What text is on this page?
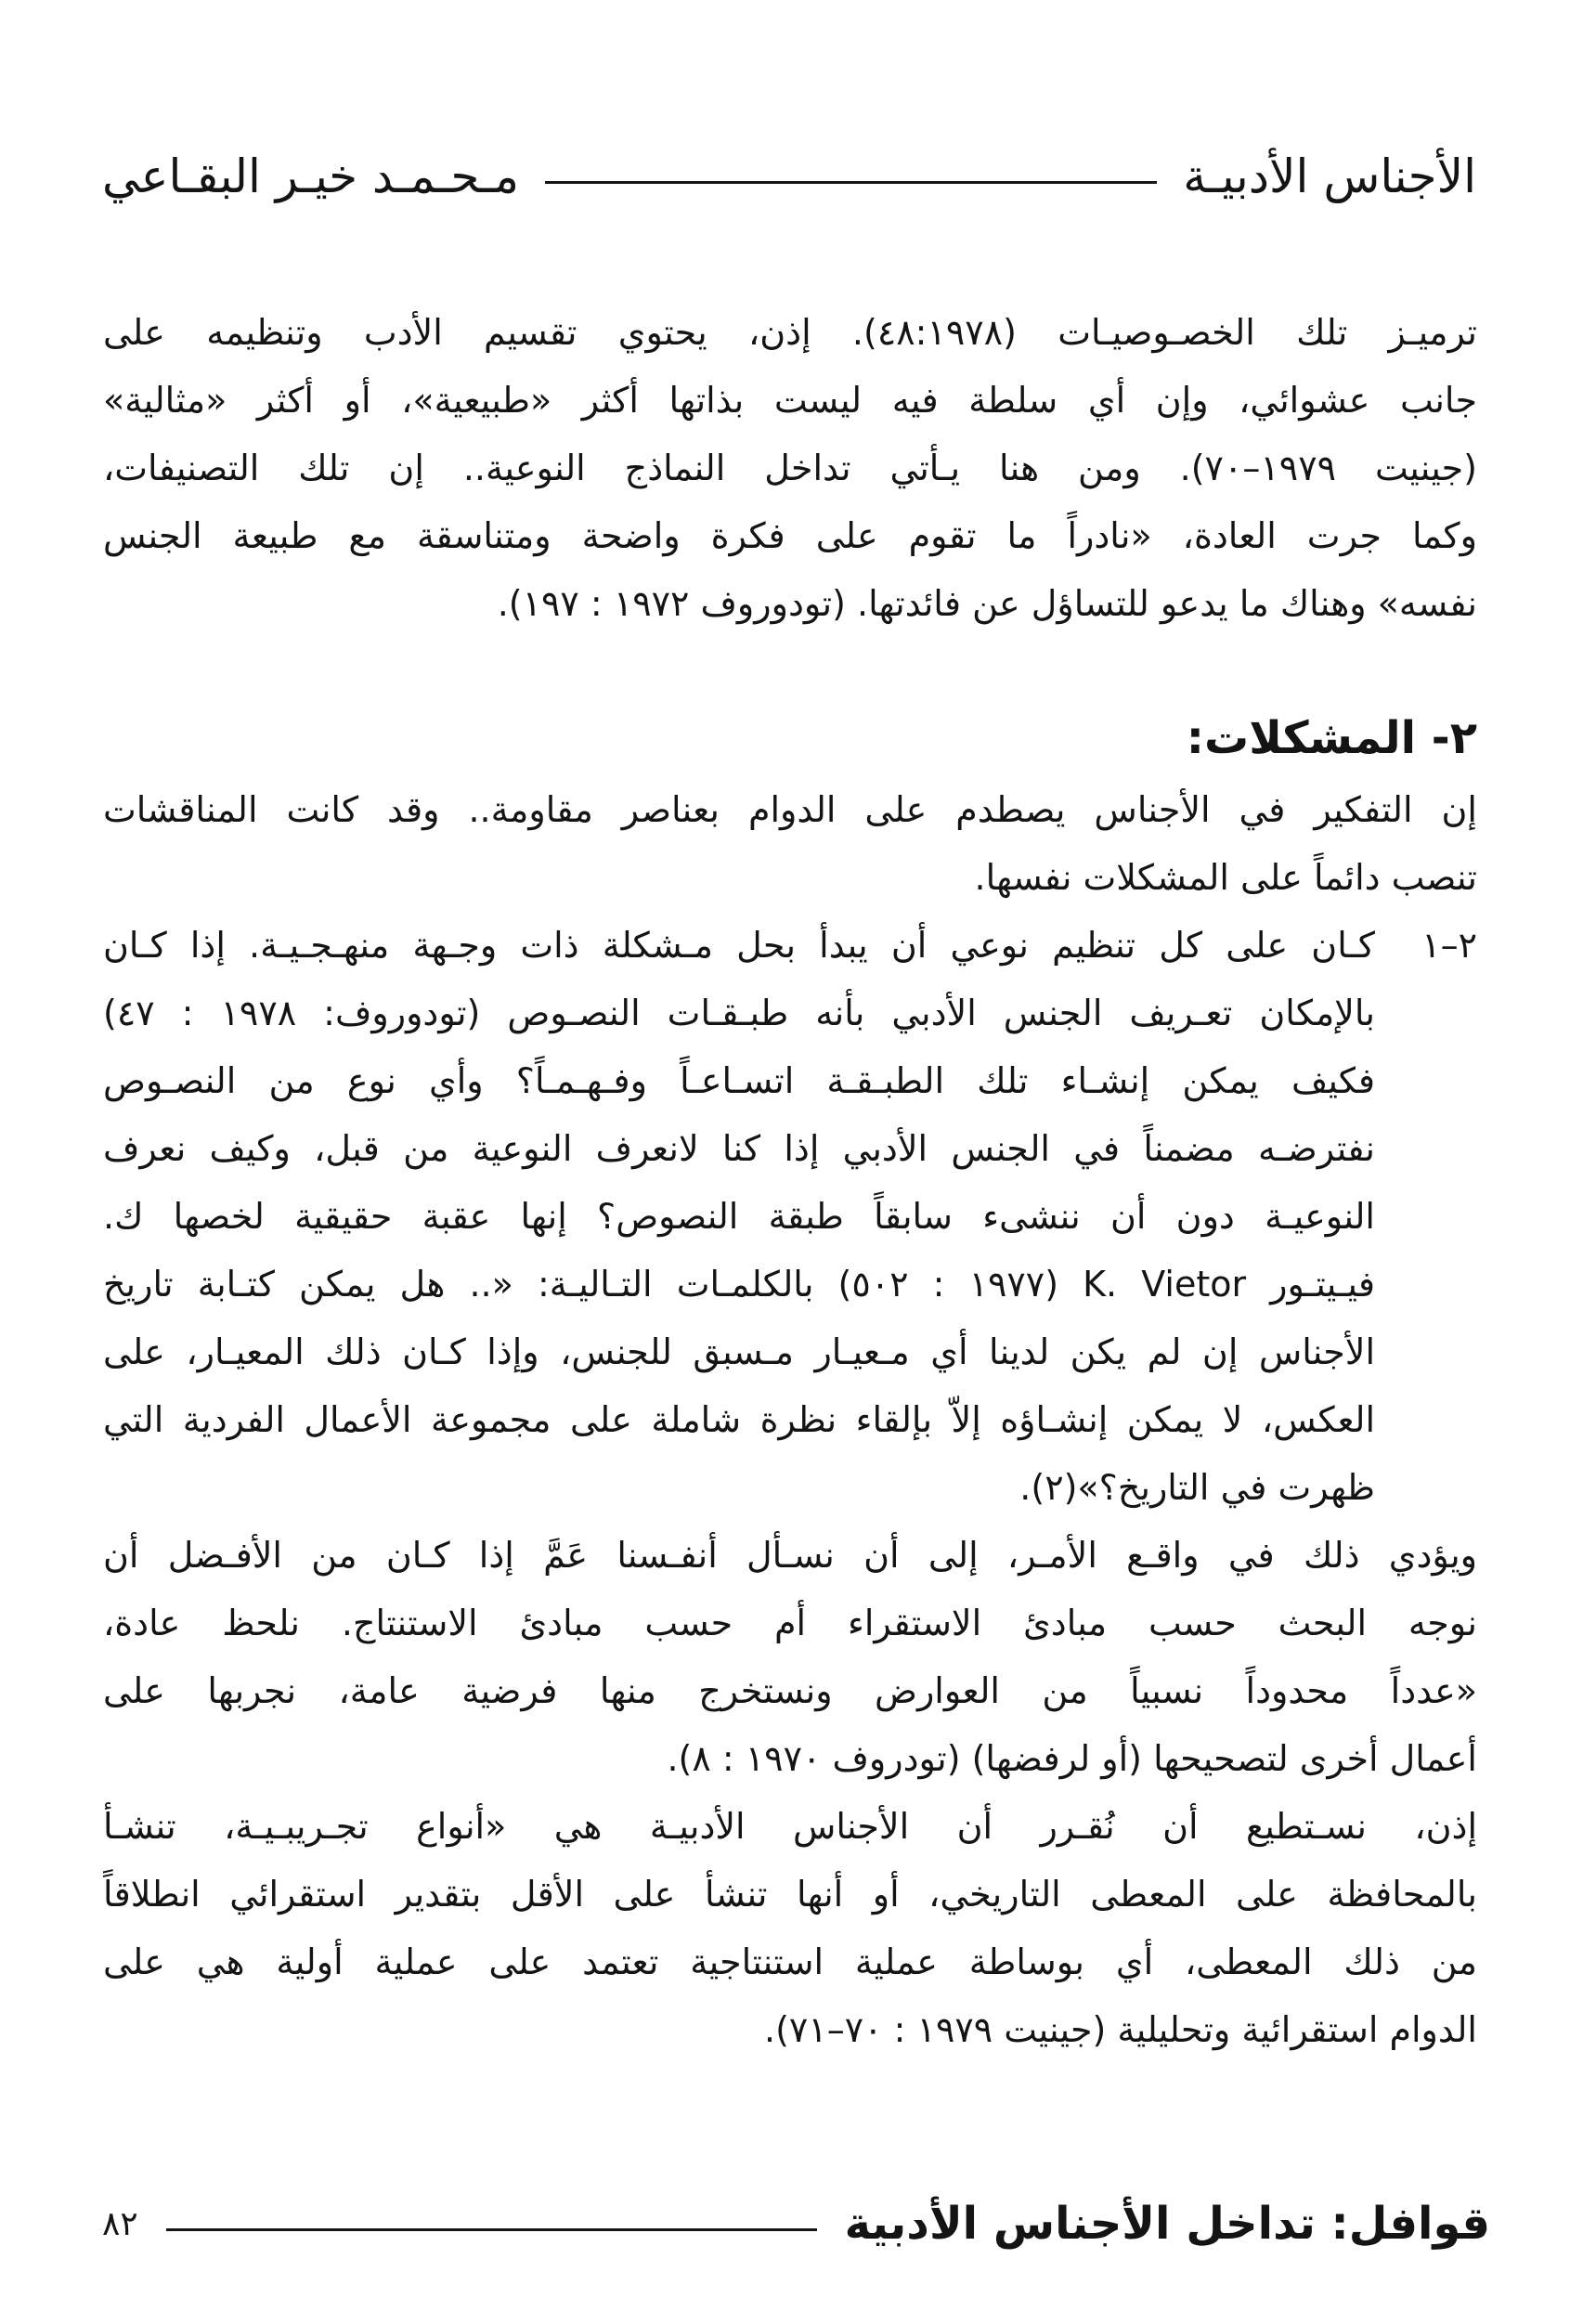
الأجناس الأدبيـة
مـحـمـد خيـر البقـاعي
ترميـز تلك الخصـوصيـات (٤٨:١٩٧٨). إذن، يحتوي تقسيم الأدب وتنظيمه على
جانب عشوائي، وإن أي سلطة فيه ليست بذاتها أكثر «طبيعية»، أو أكثر «مثالية»
(جينيت ١٩٧٩–٧٠). ومن هنا يـأتي تداخل النماذج النوعية.. إن تلك التصنيفات،
وكما جرت العادة، «نادراً ما تقوم على فكرة واضحة ومتناسقة مع طبيعة الجنس
نفسه» وهناك ما يدعو للتساؤل عن فائدتها. (تودوروف ١٩٧٢ : ١٩٧).
٢- المشكلات:
إن التفكير في الأجناس يصطدم على الدوام بعناصر مقاومة.. وقد كانت المناقشات
تنصب دائماً على المشكلات نفسها.
٢–١
كـان على كل تنظيم نوعي أن يبدأ بحل مـشكلة ذات وجـهة منهـجـيـة. إذا كـان
بالإمكان تعـريف الجنس الأدبي بأنه طبـقـات النصـوص (تودوروف: ١٩٧٨ : ٤٧)
فكيف يمكن إنشـاء تلك الطبـقـة اتسـاعـاً وفـهـمـاً؟ وأي نوع من النصـوص
نفترضـه مضمناً في الجنس الأدبي إذا كنا لانعرف النوعية من قبل، وكيف نعرف
النوعيـة دون أن ننشىء سابقاً طبقة النصوص؟ إنها عقبة حقيقية لخصها ك.
فيـيتـور K. Vietor (١٩٧٧ : ٥٠٢) بالكلمـات التـاليـة: «.. هل يمكن كتـابة تاريخ
الأجناس إن لم يكن لدينا أي مـعيـار مـسبق للجنس، وإذا كـان ذلك المعيـار، على
العكس، لا يمكن إنشـاؤه إلاّ بإلقاء نظرة شاملة على مجموعة الأعمال الفردية التي
ظهرت في التاريخ؟»(٢).
ويؤدي ذلك في واقـع الأمـر، إلى أن نسـأل أنفـسنا عَمَّ إذا كـان من الأفـضل أن
نوجه البحث حسب مبادئ الاستقراء أم حسب مبادئ الاستنتاج. نلحظ عادة،
«عدداً محدوداً نسبياً من العوارض ونستخرج منها فرضية عامة، نجربها على
أعمال أخرى لتصحيحها (أو لرفضها) (تودروف ١٩٧٠ : ٨).
إذن، نسـتطيع أن نُقـرر أن الأجناس الأدبيـة هي «أنواع تجـريبـيـة، تنشـأ
بالمحافظة على المعطى التاريخي، أو أنها تنشأ على الأقل بتقدير استقرائي انطلاقاً
من ذلك المعطى، أي بوساطة عملية استنتاجية تعتمد على عملية أولية هي على
الدوام استقرائية وتحليلية (جينيت ١٩٧٩ : ٧٠–٧١).
قوافل: تداخل الأجناس الأدبية
٨٢
